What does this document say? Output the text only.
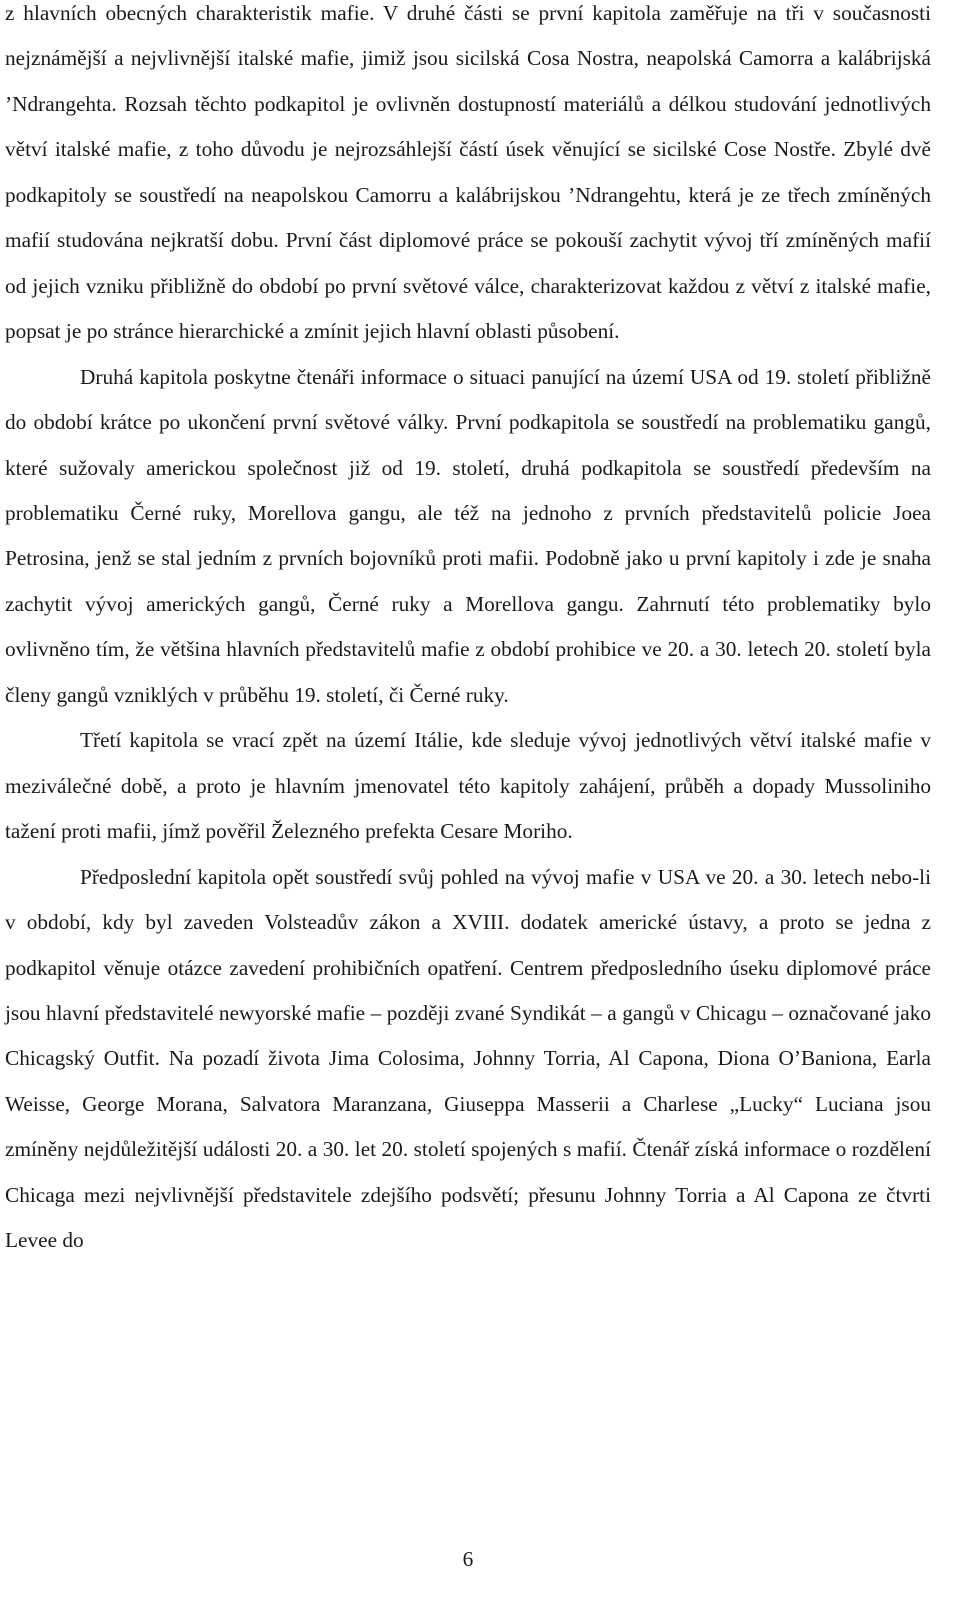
z hlavních obecných charakteristik mafie. V druhé části se první kapitola zaměřuje na tři v současnosti nejznámější a nejvlivnější italské mafie, jimiž jsou sicilská Cosa Nostra, neapolská Camorra a kalábrijská ’Ndrangehta. Rozsah těchto podkapitol je ovlivněn dostupností materiálů a délkou studování jednotlivých větví italské mafie, z toho důvodu je nejrozsáhlejší částí úsek věnující se sicilské Cose Nostře. Zbylé dvě podkapitoly se soustředí na neapolskou Camorru a kalábrijskou ’Ndrangehtu, která je ze třech zmíněných mafií studována nejkratší dobu. První část diplomové práce se pokouší zachytit vývoj tří zmíněných mafií od jejich vzniku přibližně do období po první světové válce, charakterizovat každou z větví z italské mafie, popsat je po stránce hierarchické a zmínit jejich hlavní oblasti působení.

Druhá kapitola poskytne čtenáři informace o situaci panující na území USA od 19. století přibližně do období krátce po ukončení první světové války. První podkapitola se soustředí na problematiku gangů, které sužovaly americkou společnost již od 19. století, druhá podkapitola se soustředí především na problematiku Černé ruky, Morellova gangu, ale též na jednoho z prvních představitelů policie Joea Petrosina, jenž se stal jedním z prvních bojovníků proti mafii. Podobně jako u první kapitoly i zde je snaha zachytit vývoj amerických gangů, Černé ruky a Morellova gangu. Zahrnutí této problematiky bylo ovlivněno tím, že většina hlavních představitelů mafie z období prohibice ve 20. a 30. letech 20. století byla členy gangů vzniklých v průběhu 19. století, či Černé ruky.

Třetí kapitola se vrací zpět na území Itálie, kde sleduje vývoj jednotlivých větví italské mafie v meziválečné době, a proto je hlavním jmenovatel této kapitoly zahájení, průběh a dopady Mussoliniho tažení proti mafii, jímž pověřil Železného prefekta Cesare Moriho.

Předposlední kapitola opět soustředí svůj pohled na vývoj mafie v USA ve 20. a 30. letech nebo-li v období, kdy byl zaveden Volsteadův zákon a XVIII. dodatek americké ústavy, a proto se jedna z podkapitol věnuje otázce zavedení prohibičních opatření. Centrem předposledního úseku diplomové práce jsou hlavní představitelé newyorské mafie – později zvané Syndikát – a gangů v Chicagu – označované jako Chicagský Outfit. Na pozadí života Jima Colosima, Johnny Torria, Al Capona, Diona O’Baniona, Earla Weisse, George Morana, Salvatora Maranzana, Giuseppa Masserii a Charlese „Lucky“ Luciana jsou zmíněny nejdůležitější události 20. a 30. let 20. století spojených s mafií. Čtenář získá informace o rozdělení Chicaga mezi nejvlivnější představitele zdejšího podsvětí; přesunu Johnny Torria a Al Capona ze čtvrti Levee do

6
